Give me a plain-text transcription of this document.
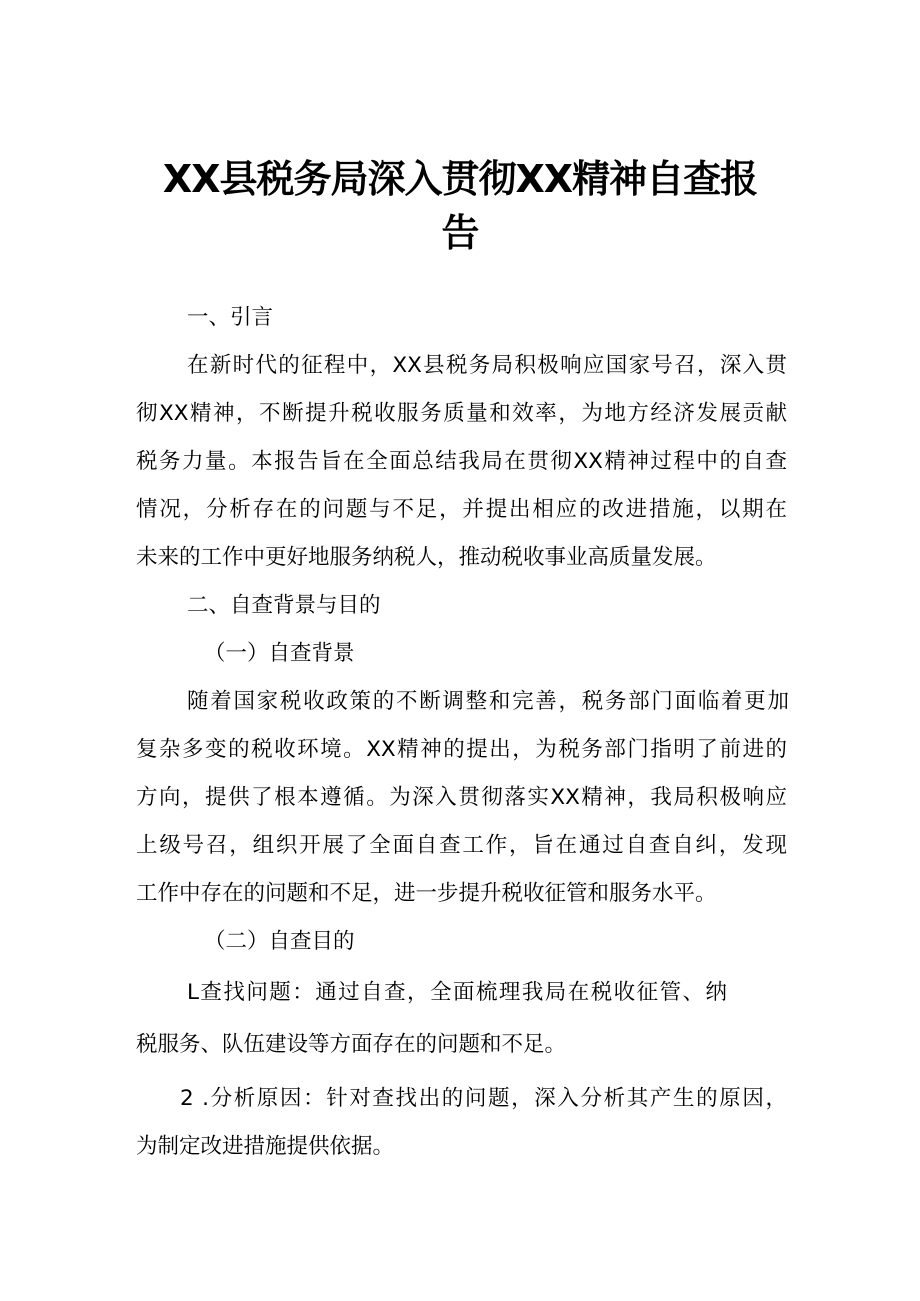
XX县税务局深入贯彻XX精神自查报
告
一、引言
在新时代的征程中，XX县税务局积极响应国家号召，深入贯
彻XX精神，不断提升税收服务质量和效率，为地方经济发展贡献
税务力量。本报告旨在全面总结我局在贯彻XX精神过程中的自查
情况，分析存在的问题与不足，并提出相应的改进措施，以期在
未来的工作中更好地服务纳税人，推动税收事业高质量发展。
二、自查背景与目的
（一）自查背景
随着国家税收政策的不断调整和完善，税务部门面临着更加
复杂多变的税收环境。XX精神的提出，为税务部门指明了前进的
方向，提供了根本遵循。为深入贯彻落实XX精神，我局积极响应
上级号召，组织开展了全面自查工作，旨在通过自查自纠，发现
工作中存在的问题和不足，进一步提升税收征管和服务水平。
（二）自查目的
L查找问题：通过自查，全面梳理我局在税收征管、纳
税服务、队伍建设等方面存在的问题和不足。
2 .分析原因：针对查找出的问题，深入分析其产生的原因，
为制定改进措施提供依据。
